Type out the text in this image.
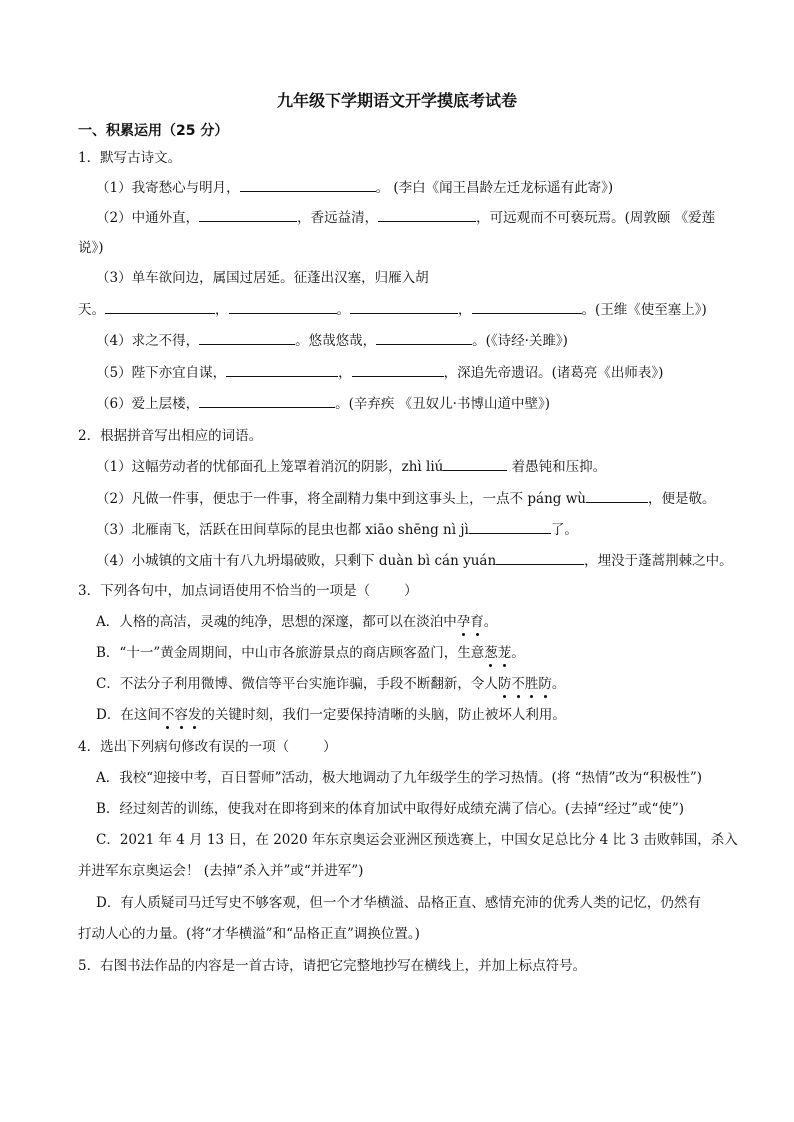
九年级下学期语文开学摸底考试卷
一、积累运用（25 分）
1．默写古诗文。
（1）我寄愁心与明月，	。 (李白《闻王昌龄左迁龙标遥有此寄》)
（2）中通外直，	，香远益清，	，可远观而不可亵玩焉。(周敦颐 《爱莲
说》)
（3）单车欲问边，属国过居延。征蓬出汉塞，归雁入胡
天。	，	。	，	。(王维《使至塞上》)
（4）求之不得，	。悠哉悠哉，	。(《诗经·关雎》)
（5）陛下亦宜自谋，	，	，深追先帝遗诏。(诸葛亮《出师表》)
（6）爱上层楼，	。(辛弃疾 《丑奴儿·书博山道中壁》)
2．根据拼音写出相应的词语。
（1）这幅劳动者的忧郁面孔上笼罩着消沉的阴影，zhì liú	着愚钝和压抑。
（2）凡做一件事，便忠于一件事，将全副精力集中到这事头上，一点不 páng wù	，便是敬。
（3）北雁南飞，活跃在田间草际的昆虫也都 xiāo shēng nì jì	了。
（4）小城镇的文庙十有八九坍塌破败，只剩下 duàn bì cán yuán	，埋没于蓬蒿荆棘之中。
3．下列各句中，加点词语使用不恰当的一项是（	）
A．人格的高洁，灵魂的纯净，思想的深邃，都可以在淡泊中孕育。
B．“十一”黄金周期间，中山市各旅游景点的商店顾客盈门，生意葱茏。
C．不法分子利用微博、微信等平台实施诈骗，手段不断翻新，令人防不胜防。
D．在这间不容发的关键时刻，我们一定要保持清晰的头脑，防止被坏人利用。
4．选出下列病句修改有误的一项（	）
A．我校“迎接中考，百日誓师”活动，极大地调动了九年级学生的学习热情。(将 “热情”改为“积极性”)
B．经过刻苦的训练，使我对在即将到来的体育加试中取得好成绩充满了信心。(去掉“经过”或“使”)
C．2021 年 4 月 13 日，在 2020 年东京奥运会亚洲区预选赛上，中国女足总比分 4 比 3 击败韩国，杀入
并进军东京奥运会！ (去掉“杀入并”或“并进军”)
D．有人质疑司马迁写史不够客观，但一个才华横溢、品格正直、感情充沛的优秀人类的记忆，仍然有
打动人心的力量。(将“才华横溢”和“品格正直”调换位置。)
5．右图书法作品的内容是一首古诗，请把它完整地抄写在横线上，并加上标点符号。
